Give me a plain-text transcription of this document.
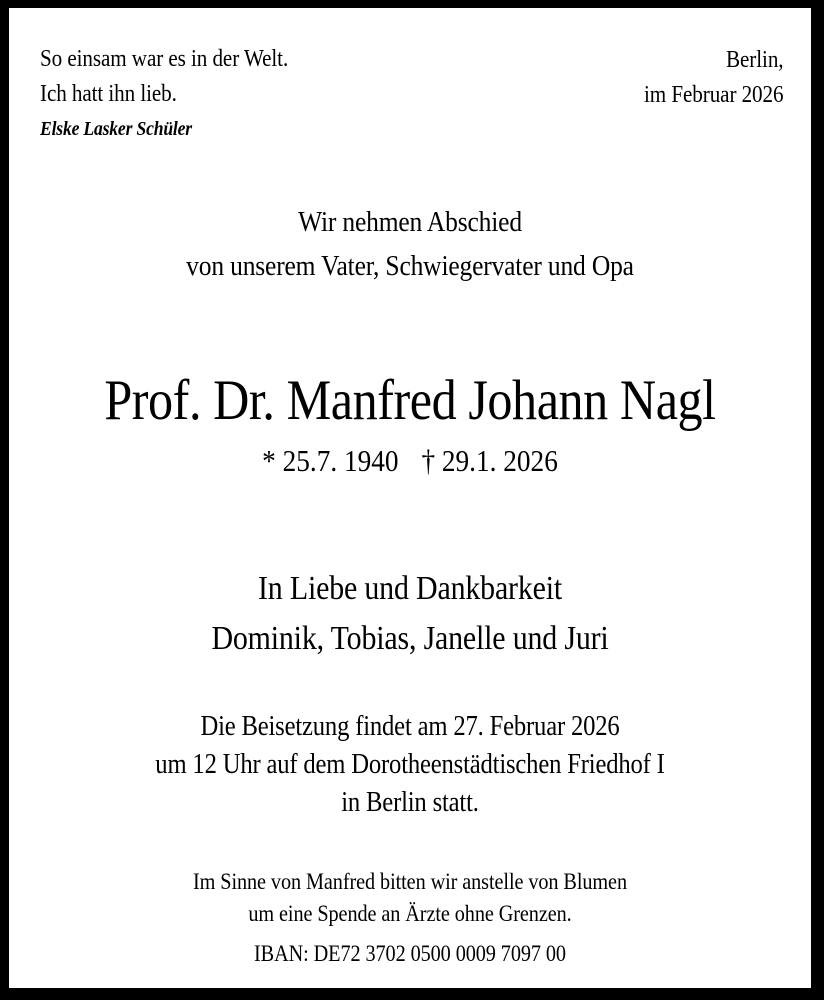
So einsam war es in der Welt.
Ich hatt ihn lieb.
Elske Lasker Schüler
Berlin,
im Februar 2026
Wir nehmen Abschied
von unserem Vater, Schwiegervater und Opa
Prof. Dr. Manfred Johann Nagl
* 25.7. 1940 † 29.1. 2026
In Liebe und Dankbarkeit
Dominik, Tobias, Janelle und Juri
Die Beisetzung findet am 27. Februar 2026
um 12 Uhr auf dem Dorotheenstädtischen Friedhof I
in Berlin statt.
Im Sinne von Manfred bitten wir anstelle von Blumen
um eine Spende an Ärzte ohne Grenzen.
IBAN: DE72 3702 0500 0009 7097 00
